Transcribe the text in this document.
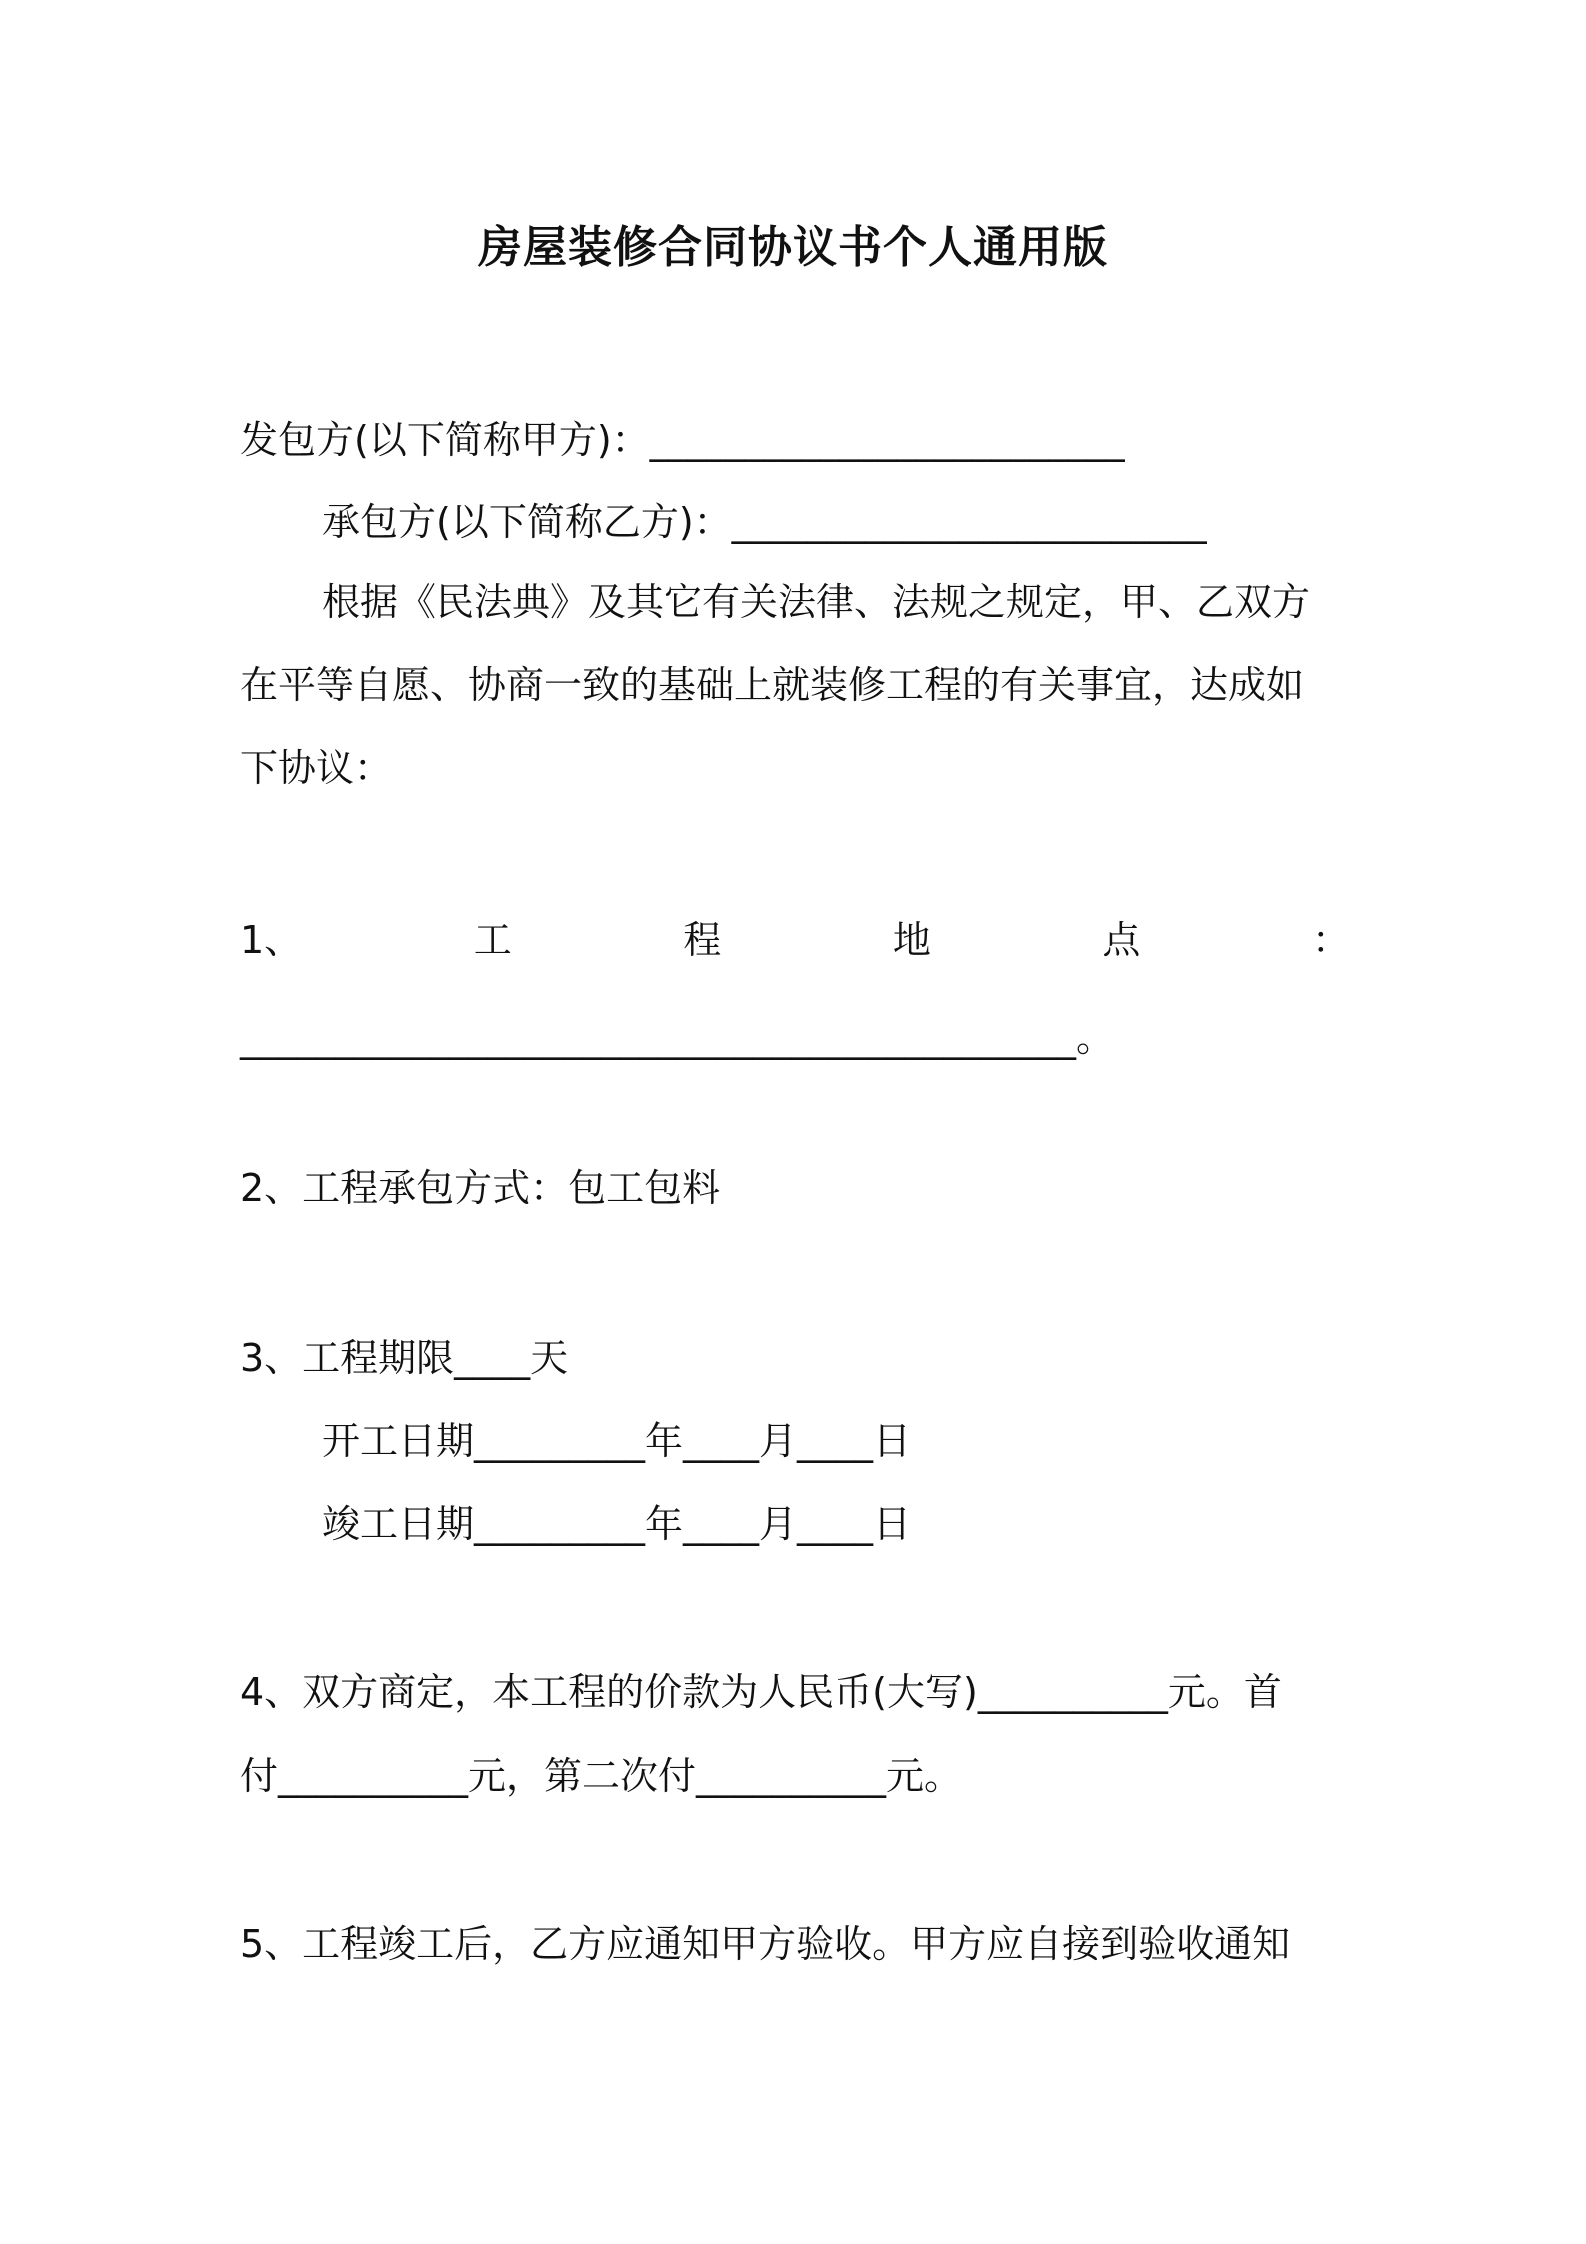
房屋装修合同协议书个人通用版
发包方(以下简称甲方)：_________________________
承包方(以下简称乙方)：_________________________
根据《民法典》及其它有关法律、法规之规定，甲、乙双方
在平等自愿、协商一致的基础上就装修工程的有关事宜，达成如
下协议：
1、	工	程	地	点	：
____________________________________________。
2、工程承包方式：包工包料
3、工程期限____天
开工日期_________年____月____日
竣工日期_________年____月____日
4、双方商定，本工程的价款为人民币(大写)__________元。首
付__________元，第二次付__________元。
5、工程竣工后，乙方应通知甲方验收。甲方应自接到验收通知
